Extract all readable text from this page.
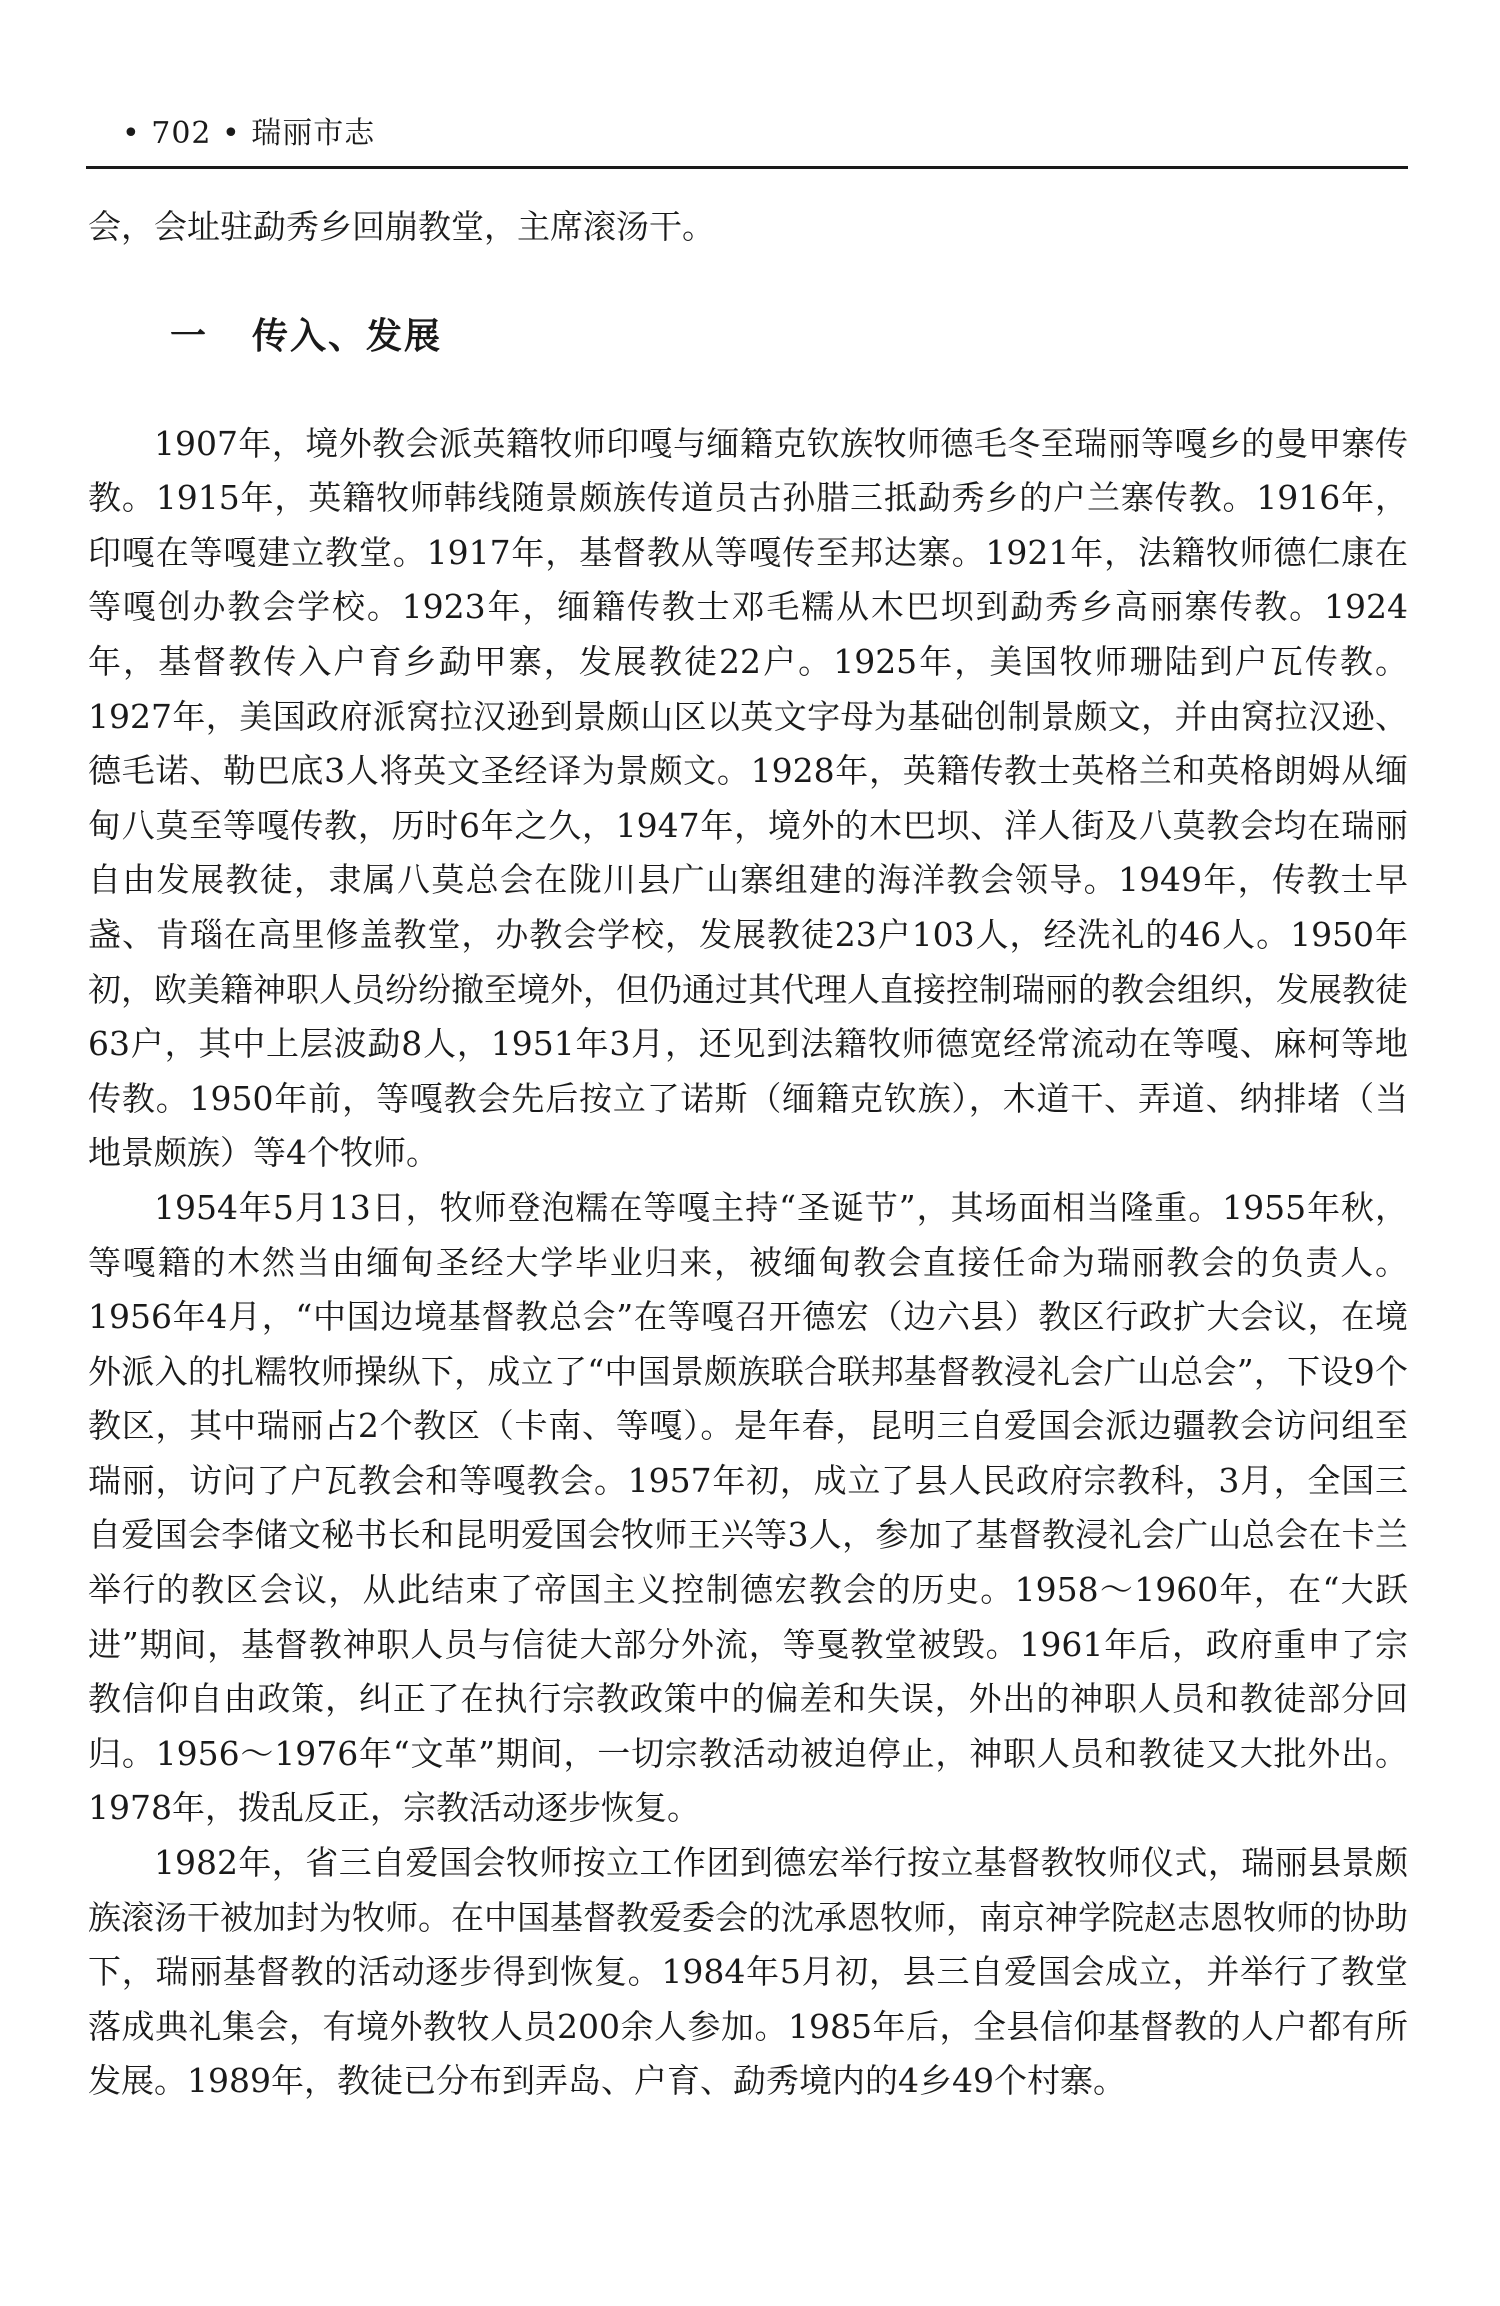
• 702 • 瑞丽市志

会，会址驻勐秀乡回崩教堂，主席滚汤干。

一 传入、发展

1907年，境外教会派英籍牧师印嘎与缅籍克钦族牧师德毛冬至瑞丽等嘎乡的曼甲寨传教。1915年，英籍牧师韩线随景颇族传道员古孙腊三抵勐秀乡的户兰寨传教。1916年，印嘎在等嘎建立教堂。1917年，基督教从等嘎传至邦达寨。1921年，法籍牧师德仁康在等嘎创办教会学校。1923年，缅籍传教士邓毛糯从木巴坝到勐秀乡高丽寨传教。1924年，基督教传入户育乡勐甲寨，发展教徒22户。1925年，美国牧师珊陆到户瓦传教。1927年，美国政府派窝拉汉逊到景颇山区以英文字母为基础创制景颇文，并由窝拉汉逊、德毛诺、勒巴底3人将英文圣经译为景颇文。1928年，英籍传教士英格兰和英格朗姆从缅甸八莫至等嘎传教，历时6年之久，1947年，境外的木巴坝、洋人街及八莫教会均在瑞丽自由发展教徒，隶属八莫总会在陇川县广山寨组建的海洋教会领导。1949年，传教士早盏、肯瑙在高里修盖教堂，办教会学校，发展教徒23户103人，经洗礼的46人。1950年初，欧美籍神职人员纷纷撤至境外，但仍通过其代理人直接控制瑞丽的教会组织，发展教徒63户，其中上层波勐8人，1951年3月，还见到法籍牧师德宽经常流动在等嘎、麻柯等地传教。1950年前，等嘎教会先后按立了诺斯（缅籍克钦族），木道干、弄道、纳排堵（当地景颇族）等4个牧师。

1954年5月13日，牧师登泡糯在等嘎主持“圣诞节”，其场面相当隆重。1955年秋，等嘎籍的木然当由缅甸圣经大学毕业归来，被缅甸教会直接任命为瑞丽教会的负责人。1956年4月，“中国边境基督教总会”在等嘎召开德宏（边六县）教区行政扩大会议，在境外派入的扎糯牧师操纵下，成立了“中国景颇族联合联邦基督教浸礼会广山总会”，下设9个教区，其中瑞丽占2个教区（卡南、等嘎）。是年春，昆明三自爱国会派边疆教会访问组至瑞丽，访问了户瓦教会和等嘎教会。1957年初，成立了县人民政府宗教科，3月，全国三自爱国会李储文秘书长和昆明爱国会牧师王兴等3人，参加了基督教浸礼会广山总会在卡兰举行的教区会议，从此结束了帝国主义控制德宏教会的历史。1958～1960年，在“大跃进”期间，基督教神职人员与信徒大部分外流，等戛教堂被毁。1961年后，政府重申了宗教信仰自由政策，纠正了在执行宗教政策中的偏差和失误，外出的神职人员和教徒部分回归。1956～1976年“文革”期间，一切宗教活动被迫停止，神职人员和教徒又大批外出。1978年，拨乱反正，宗教活动逐步恢复。

1982年，省三自爱国会牧师按立工作团到德宏举行按立基督教牧师仪式，瑞丽县景颇族滚汤干被加封为牧师。在中国基督教爱委会的沈承恩牧师，南京神学院赵志恩牧师的协助下，瑞丽基督教的活动逐步得到恢复。1984年5月初，县三自爱国会成立，并举行了教堂落成典礼集会，有境外教牧人员200余人参加。1985年后，全县信仰基督教的人户都有所发展。1989年，教徒已分布到弄岛、户育、勐秀境内的4乡49个村寨。
